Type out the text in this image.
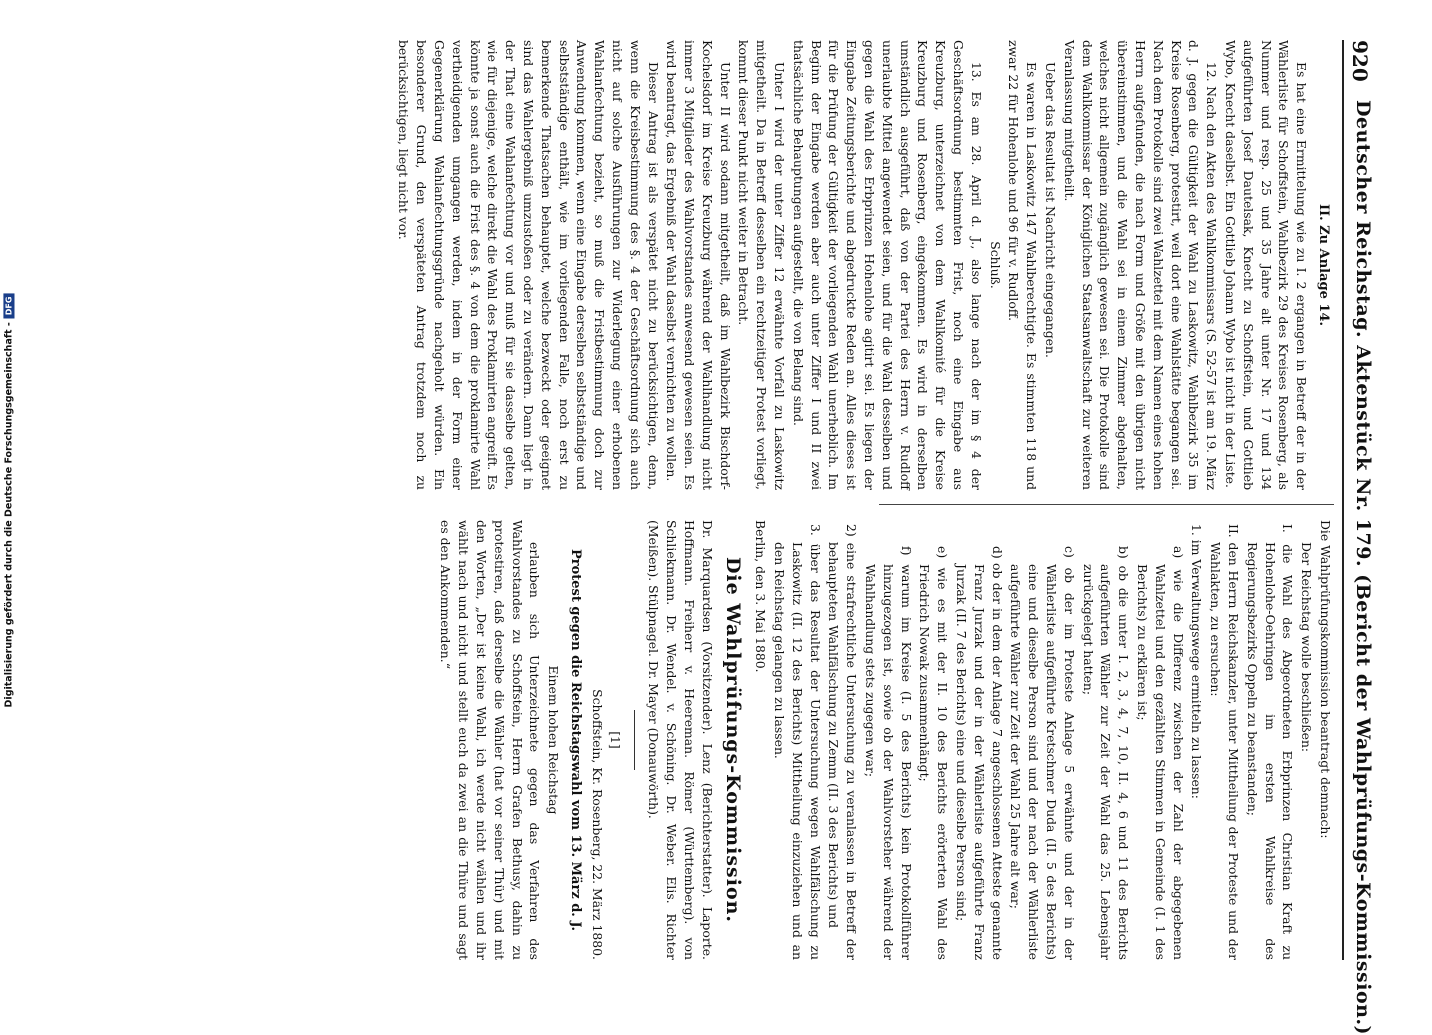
920
Deutscher Reichstag. Aktenstück Nr. 179. (Bericht der Wahlprüfungs-Kommission.)
II. Zu Anlage 14.

Es hat eine Ermittelung wie zu I. 2 ergangen in Betreff der in der Wählerliste für Schoffstein, Wahlbezirk 29 des Kreises Rosenberg, als Nummer und resp. 25 und 35 Jahre alt unter Nr. 17 und 134 aufgeführten Josef Dautelsak, Knecht zu Schoffstein, und Gottlieb Wybo, Knecht daselbst. Ein Gottlieb Johann Wybo ist nicht in der Liste.

12. Nach den Akten des Wahlkommissars (S. 52-57 ist am 19. März d. J. gegen die Gültigkeit der Wahl zu Laskowitz, Wahlbezirk 35 im Kreise Rosenberg, protestirt, weil dort eine Wahlstätte begangen sei. Nach dem Protokolle sind zwei Wahlzettel mit dem Namen eines hohen Herrn aufgefunden, die nach Form und Größe mit den übrigen nicht übereinstimmen, und die Wahl sei in einem Zimmer abgehalten, welches nicht allgemein zugänglich gewesen sei. Die Protokolle sind dem Wahlkommissar der Königlichen Staatsanwaltschaft zur weiteren Veranlassung mitgetheilt.

Ueber das Resultat ist Nachricht eingegangen.

Es waren in Laskowitz 147 Wahlberechtigte. Es stimmten 118 und zwar 22 für Hohenlohe und 96 für v. Rudloff.

Schluß.

13. Es am 28. April d. J., also lange nach der im § 4 der Geschäftsordnung bestimmten Frist, noch eine Eingabe aus Kreuzburg, unterzeichnet von dem Wahlkomité für die Kreise Kreuzburg und Rosenberg, eingekommen. Es wird in derselben umständlich ausgeführt, daß von der Partei des Herrn v. Rudloff unerlaubte Mittel angewendet seien, und für die Wahl desselben und gegen die Wahl des Erbprinzen Hohenlohe agitirt sei. Es liegen der Eingabe Zeitungsberichte und abgedruckte Reden an. Alles dieses ist für die Prüfung der Gültigkeit der vorliegenden Wahl unerheblich. Im Beginn der Eingabe werden aber auch unter Ziffer I und II zwei thatsächliche Behauptungen aufgestellt, die von Belang sind.

Unter I wird der unter Ziffer 12 erwähnte Vorfall zu Laskowitz mitgetheilt. Da in Betreff desselben ein rechtzeitiger Protest vorliegt, kommt dieser Punkt nicht weiter in Betracht.

Unter II wird sodann mitgetheilt, daß im Wahlbezirk Bischdorf-Kochelsdorf im Kreise Kreuzburg während der Wahlhandlung nicht immer 3 Mitglieder des Wahlvorstandes anwesend gewesen seien. Es wird beantragt, das Ergebniß der Wahl daselbst vernichten zu wollen.

Dieser Antrag ist als verspätet nicht zu berücksichtigen, denn, wenn die Kreisbestimmung des §. 4 der Geschäftsordnung sich auch nicht auf solche Ausführungen zur Widerlegung einer erhobenen Wahlanfechtung bezieht, so muß die Fristbestimmung doch zur Anwendung kommen, wenn eine Eingabe derselben selbstständige und selbstständige enthält, wie im vorliegenden Falle, noch erst zu bemerkende Thatsachen behauptet, welche bezweckt oder geeignet sind das Wahlergebniß umzustoßen oder zu verändern. Dann liegt in der That eine Wahlanfechtung vor und muß für sie dasselbe gelten, wie für diejenige, welche direkt die Wahl des Proklamirten angreift. Es könnte ja sonst auch die Frist des §. 4 von dem die proklamirte Wahl vertheidigenden umgangen werden, indem in der Form einer Gegenerklärung Wahlanfechtungsgründe nachgeholt würden. Ein besonderer Grund, den verspäteten Antrag trotzdem noch zu berücksichtigen, liegt nicht vor.

Die Wahlprüfungskommission beantragt demnach:

Der Reichstag wolle beschließen:

I. die Wahl des Abgeordneten Erbprinzen Christian Kraft zu Hohenlohe-Oehringen im ersten Wahlkreise des Regierungsbezirks Oppeln zu beanstanden;

II. den Herrn Reichskanzler, unter Mittheilung der Proteste und der Wahlakten, zu ersuchen:

1. im Verwaltungswege ermitteln zu lassen:

a) wie die Differenz zwischen der Zahl der abgegebenen Wahlzettel und den gezählten Stimmen in Gemeinde (I. 1 des Berichts) zu erklären ist;

b) ob die unter I. 2, 3, 4, 7, 10, II. 4, 6 und 11 des Berichts aufgeführten Wähler zur Zeit der Wahl das 25. Lebensjahr zurückgelegt hatten;

c) ob der im Proteste Anlage 5 erwähnte und der in der Wählerliste aufgeführte Kretschmer Duda (II. 5 des Berichts) eine und dieselbe Person sind und der nach der Wählerliste aufgeführte Wähler zur Zeit der Wahl 25 Jahre alt war;

d) ob der in dem der Anlage 7 angeschlossenen Atteste genannte Franz Jurzak und der in der Wählerliste aufgeführte Franz Jurzak (II. 7 des Berichts) eine und dieselbe Person sind;

e) wie es mit der II. 10 des Berichts erörterten Wahl des Friedrich Nowak zusammenhängt;

f) warum im Kreise (I. 5 des Berichts) kein Protokollführer hinzugezogen ist, sowie ob der Wahlvorsteher während der Wahlhandlung stets zugegen war;

2) eine strafrechtliche Untersuchung zu veranlassen in Betreff der behaupteten Wahlfälschung zu Zemm (II. 3 des Berichts) und

3. über das Resultat der Untersuchung wegen Wahlfälschung zu Laskowitz (II. 12 des Berichts) Mittheilung einzuziehen und an den Reichstag gelangen zu lassen.

Berlin, den 3. Mai 1880.

Die Wahlprüfungs-Kommission.

Dr. Marquardsen (Vorsitzender). Lenz (Berichterstatter). Laporte. Hoffmann. Freiherr v. Heereman. Römer (Württemberg). von Schliekmann. Dr. Wendel. v. Schöning. Dr. Weber. Elis. Richter (Meißen). Stülpnagel. Dr. Mayer (Donauwörth).

[1]

Schoffstein, Kr. Rosenberg, 22. März 1880.

Protest gegen die Reichstagswahl vom 13. März d. J.

Einem hohen Reichstag

erlauben sich Unterzeichnete gegen das Verfahren des Wahlvorstandes zu Schoffstein, Herrn Grafen Bethusy, dahin zu protestiren, daß derselbe die Wähler (hat vor seiner Thür) und mit den Worten, „Der ist keine Wahl, ich werde nicht wählen und ihr wählt nach und nicht und stellt euch da zwei an die Thüre und sagt es den Ankommenden.“

Digitalisierung gefördert durch die Deutsche Forschungsgemeinschaft -DFG
